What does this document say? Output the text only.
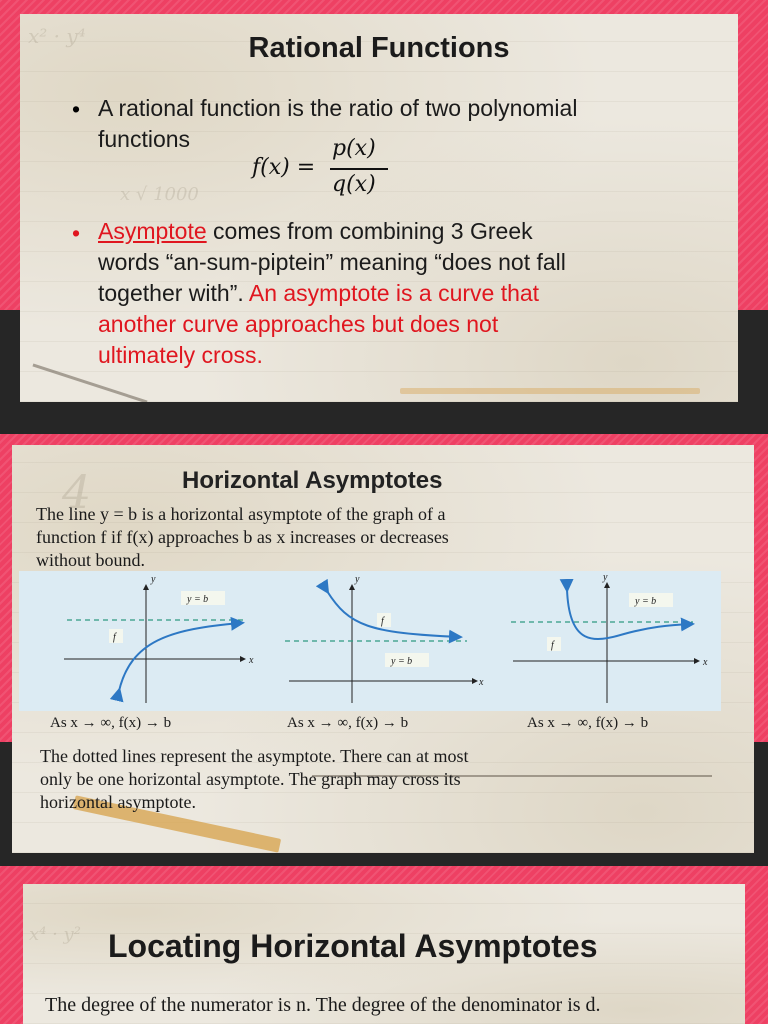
x² · y⁴
x √ 1000
Rational Functions
• A rational function is the ratio of two polynomial
functions
f(x) =
p(x)
q(x)
• Asymptote comes from combining 3 Greek
words “an-sum-piptein” meaning “does not fall
together with”. An asymptote is a curve that
another curve approaches but does not
ultimately cross.
4	Horizontal Asymptotes
The line y = b is a horizontal asymptote of the graph of a
function f if f(x) approaches b as x increases or decreases
without bound.
y
x
y = b
f
y
x
f
y = b
y
x
y = b
f
As x → ∞, f(x) → b	As x → ∞, f(x) → b	As x → ∞, f(x) → b
The dotted lines represent the asymptote. There can at most
only be one horizontal asymptote. The graph may cross its
horizontal asymptote.
x⁴ · y² Locating Horizontal Asymptotes
The degree of the numerator is n. The degree of the denominator is d.
